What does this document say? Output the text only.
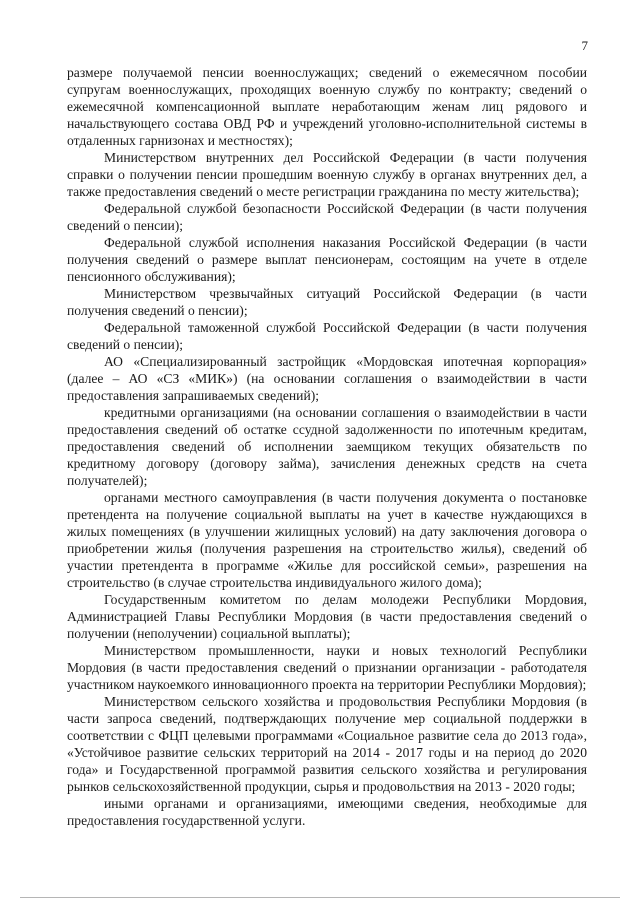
7

размере получаемой пенсии военнослужащих; сведений о ежемесячном пособии супругам военнослужащих, проходящих военную службу по контракту; сведений о ежемесячной компенсационной выплате неработающим женам лиц рядового и начальствующего состава ОВД РФ и учреждений уголовно-исполнительной системы в отдаленных гарнизонах и местностях);

Министерством внутренних дел Российской Федерации (в части получения справки о получении пенсии прошедшим военную службу в органах внутренних дел, а также предоставления сведений о месте регистрации гражданина по месту жительства);

Федеральной службой безопасности Российской Федерации (в части получения сведений о пенсии);

Федеральной службой исполнения наказания Российской Федерации (в части получения сведений о размере выплат пенсионерам, состоящим на учете в отделе пенсионного обслуживания);

Министерством чрезвычайных ситуаций Российской Федерации (в части получения сведений о пенсии);

Федеральной таможенной службой Российской Федерации (в части получения сведений о пенсии);

АО «Специализированный застройщик «Мордовская ипотечная корпорация» (далее – АО «СЗ «МИК») (на основании соглашения о взаимодействии в части предоставления запрашиваемых сведений);

кредитными организациями (на основании соглашения о взаимодействии в части предоставления сведений об остатке ссудной задолженности по ипотечным кредитам, предоставления сведений об исполнении заемщиком текущих обязательств по кредитному договору (договору займа), зачисления денежных средств на счета получателей);

органами местного самоуправления (в части получения документа о постановке претендента на получение социальной выплаты на учет в качестве нуждающихся в жилых помещениях (в улучшении жилищных условий) на дату заключения договора о приобретении жилья (получения разрешения на строительство жилья), сведений об участии претендента в программе «Жилье для российской семьи», разрешения на строительство (в случае строительства индивидуального жилого дома);

Государственным комитетом по делам молодежи Республики Мордовия, Администрацией Главы Республики Мордовия (в части предоставления сведений о получении (неполучении) социальной выплаты);

Министерством промышленности, науки и новых технологий Республики Мордовия (в части предоставления сведений о признании организации - работодателя участником наукоемкого инновационного проекта на территории Республики Мордовия);

Министерством сельского хозяйства и продовольствия Республики Мордовия (в части запроса сведений, подтверждающих получение мер социальной поддержки в соответствии с ФЦП целевыми программами «Социальное развитие села до 2013 года», «Устойчивое развитие сельских территорий на 2014 - 2017 годы и на период до 2020 года» и Государственной программой развития сельского хозяйства и регулирования рынков сельскохозяйственной продукции, сырья и продовольствия на 2013 - 2020 годы;

иными органами и организациями, имеющими сведения, необходимые для предоставления государственной услуги.
